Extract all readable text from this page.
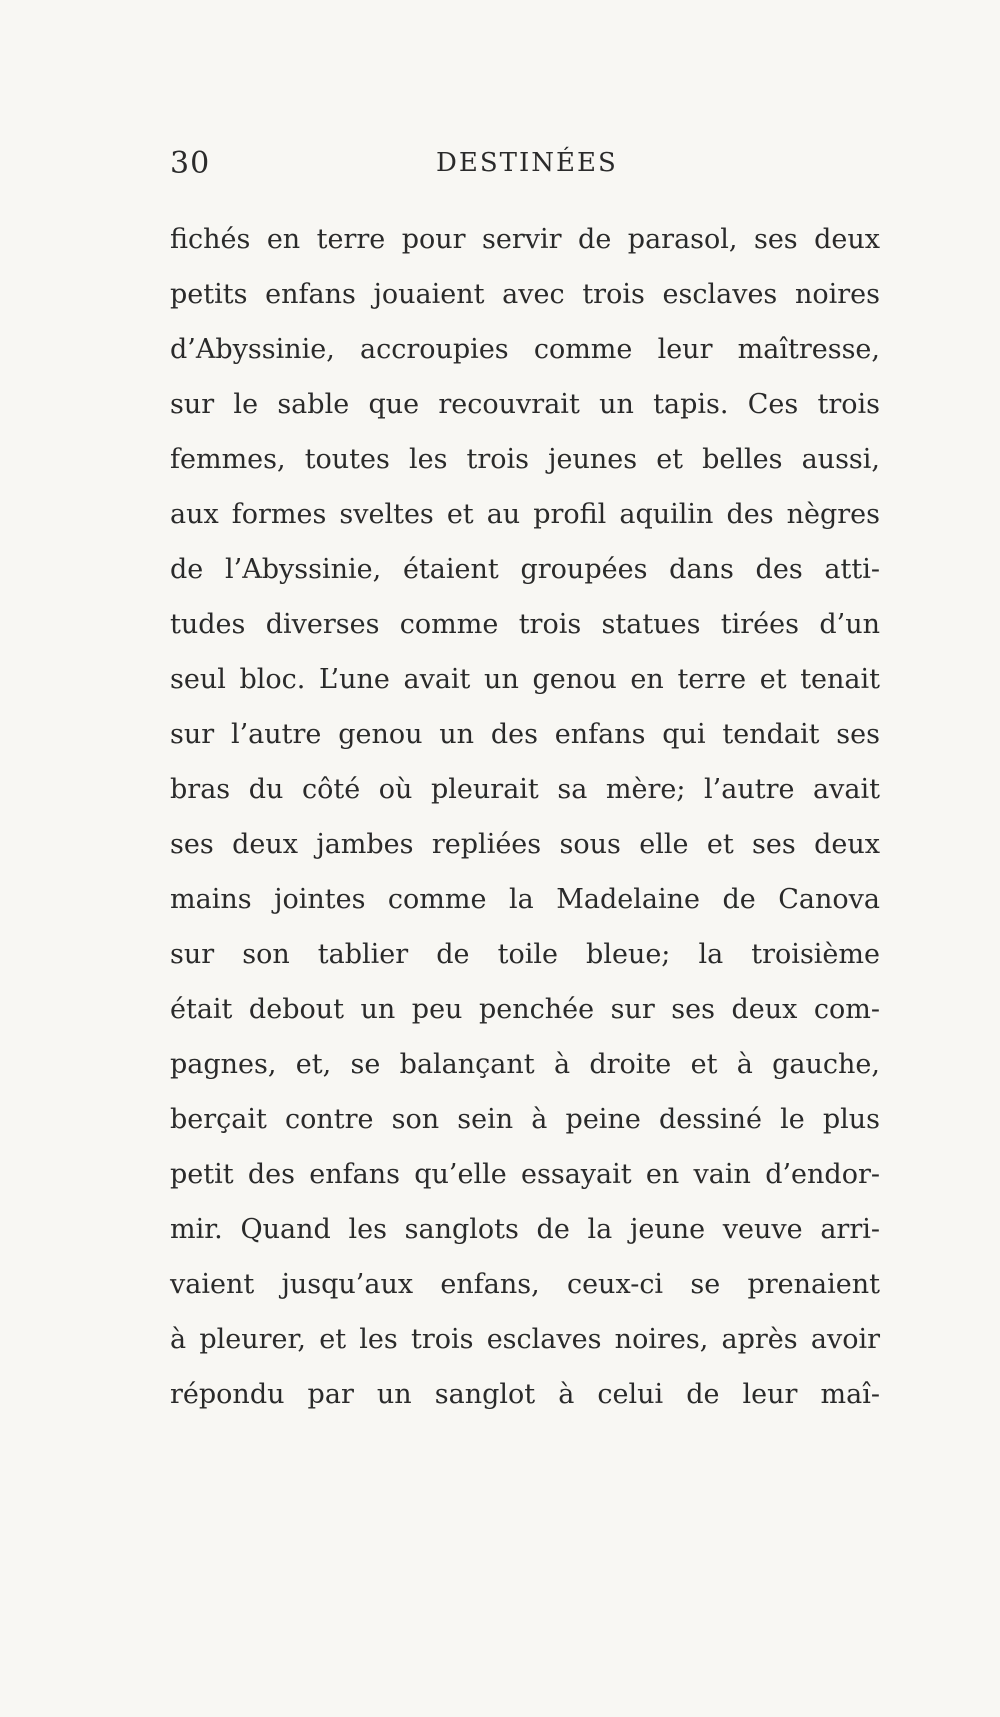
30	DESTINÉES
fichés en terre pour servir de parasol, ses deux
petits enfans jouaient avec trois esclaves noires
d’Abyssinie, accroupies comme leur maîtresse,
sur le sable que recouvrait un tapis. Ces trois
femmes, toutes les trois jeunes et belles aussi,
aux formes sveltes et au profil aquilin des nègres
de l’Abyssinie, étaient groupées dans des atti-
tudes diverses comme trois statues tirées d’un
seul bloc. L’une avait un genou en terre et tenait
sur l’autre genou un des enfans qui tendait ses
bras du côté où pleurait sa mère; l’autre avait
ses deux jambes repliées sous elle et ses deux
mains jointes comme la Madelaine de Canova
sur son tablier de toile bleue; la troisième
était debout un peu penchée sur ses deux com-
pagnes, et, se balançant à droite et à gauche,
berçait contre son sein à peine dessiné le plus
petit des enfans qu’elle essayait en vain d’endor-
mir. Quand les sanglots de la jeune veuve arri-
vaient jusqu’aux enfans, ceux-ci se prenaient
à pleurer, et les trois esclaves noires, après avoir
répondu par un sanglot à celui de leur maî-
